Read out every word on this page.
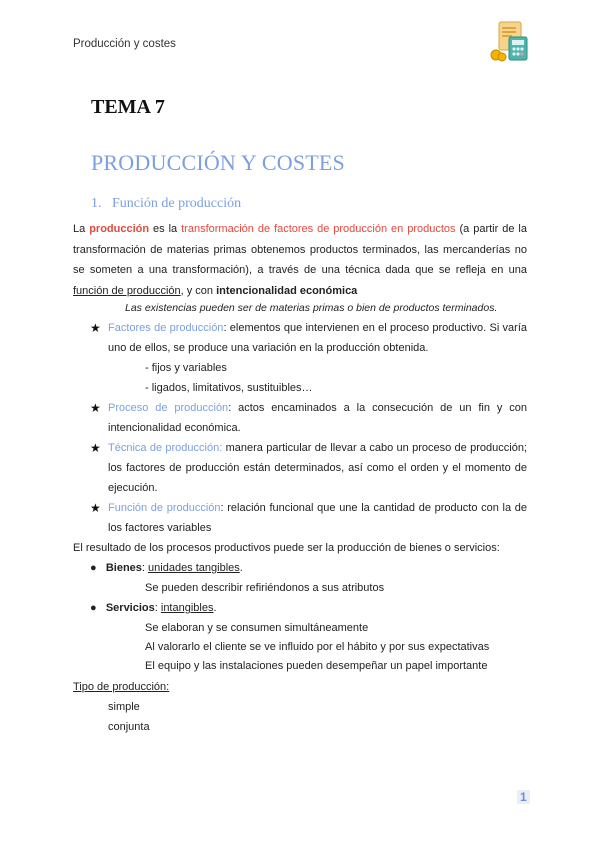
Producción y costes
TEMA 7
PRODUCCIÓN Y COSTES
1. Función de producción
La producción es la transformación de factores de producción en productos (a partir de la transformación de materias primas obtenemos productos terminados, las mercanderías no se someten a una transformación), a través de una técnica dada que se refleja en una función de producción, y con intencionalidad económica
Las existencias pueden ser de materias primas o bien de productos terminados.
★ Factores de producción: elementos que intervienen en el proceso productivo. Si varía uno de ellos, se produce una variación en la producción obtenida.
- fijos y variables
- ligados, limitativos, sustituibles…
★ Proceso de producción: actos encaminados a la consecución de un fin y con intencionalidad económica.
★ Técnica de producción: manera particular de llevar a cabo un proceso de producción; los factores de producción están determinados, así como el orden y el momento de ejecución.
★ Función de producción: relación funcional que une la cantidad de producto con la de los factores variables
El resultado de los procesos productivos puede ser la producción de bienes o servicios:
● Bienes: unidades tangibles.
Se pueden describir refiriéndonos a sus atributos
● Servicios: intangibles.
Se elaboran y se consumen simultáneamente
Al valorarlo el cliente se ve influido por el hábito y por sus expectativas
El equipo y las instalaciones pueden desempeñar un papel importante
Tipo de producción:
simple
conjunta
1
